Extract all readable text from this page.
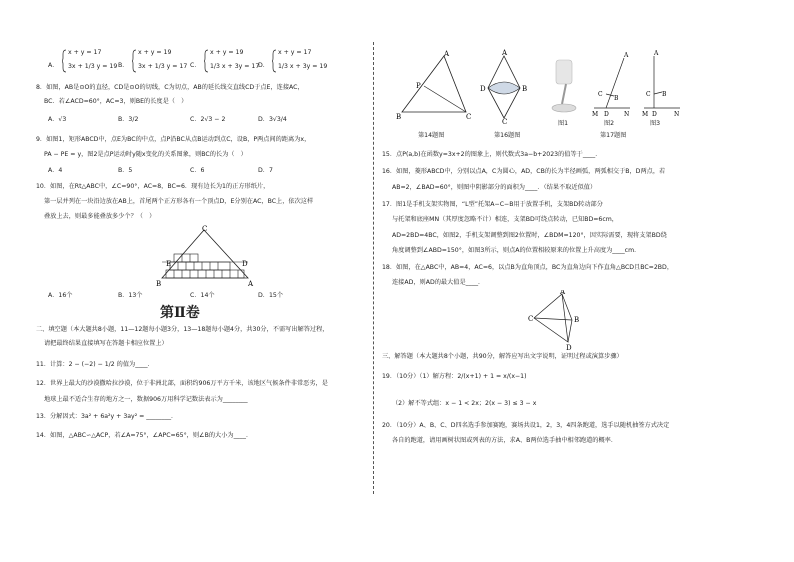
A．
x + y = 17
3x + 1/3 y = 19 B．
x + y = 19
3x + 1/3 y = 17 C．
x + y = 19
1/3 x + 3y = 17
D．
x + y = 17
1/3 x + 3y = 19
8．如图，AB是⊙O的直径，CD是⊙O的切线，C为切点，AB的延长线交直线CD于点E，连接AC，
BC．若∠ACD=60°，AC=3，则BE的长度是（　）
A．√3	B．3/2	C．2√3 − 2	D．3√3/4
9．如图1，矩形ABCD中，点E为BC的中点，点P沿BC从点B运动到点C，设B，P两点间的距离为x，
PA − PE = y，图2是点P运动时y随x变化的关系图象，则BC的长为（　）
A．4	B．5	C．6	D．7
10．如图，在Rt△ABC中，∠C=90°，AC=8，BC=6．现有边长为1的正方形纸片，
第一层并列在一块沿边放在AB上，首尾两个正方形各有一个顶点D，E分别在AC，BC上，依次这样
叠放上去，则最多能叠放多少个？（　）
C
E	D
B	A
A．16个	B．13个	C．14个	D．15个
第Ⅱ卷
二、填空题（本大题共8小题，11—12题每小题3分，13—18题每小题4分，共30分，不需写出解答过程，
请把最终结果直接填写在答题卡相应位置上）
11．计算：2 − (−2) − 1/2 的值为____．
12．世界上最大的沙漠撒哈拉沙漠，位于非洲北部，面积约906万平方千米，该地区气候条件非常恶劣，是
地球上最不适合生存的地方之一，数据906万用科学记数法表示为________
13．分解因式：3a² + 6a²y + 3ay² = ________．
14．如图，△ABC∽△ACP，若∠A=75°，∠APC=65°，则∠B的大小为____．
A
P
B	C
第14题图
A
D	B
C
第16题图
图1
A
C
B
M D	N
图2
A
C B
M D	N
图3
第17题图
15．点P(a,b)在函数y=3x+2的图象上，则代数式3a−b+2023的值等于____．
16．如图，菱形ABCD中，分别以点A，C为圆心，AD，CB的长为半径画弧，两弧相交于B，D两点，若
AB=2，∠BAD=60°，则图中阴影部分的面积为____．（结果不取近似值）
17．图1是手机支架实物图，“L型”托架A−C−B用于放置手机，支架BD转动部分
与托架和底座MN（其厚度忽略不计）相连，支架BD可绕点转动，已知BD=6cm，
AD=2BD=4BC，如图2，手机支架调整到图2位置时，∠BDM=120°，因实际需要，现将支架BD绕
角度调整到∠ABD=150°，如图3所示，则点A的位置相较原来的位置上升高度为____cm．
18．如图，在△ABC中，AB=4，AC=6，以点B为直角顶点，BC为直角边向下作直角△BCD且BC=2BD，
连接AD，则AD的最大值是____．
A
C	B
D
三、解答题（本大题共8个小题，共90分，解答应写出文字说明，证明过程或演算步骤）
19．（10分）（1）解方程：2/(x+1) + 1 = x/(x−1)
（2）解不等式组：x − 1 < 2x；2(x − 3) ≤ 3 − x
20．（10分）A、B、C、D四名选手参加赛跑，赛场共设1，2，3，4四条跑道，选手以随机抽签方式决定
各自的跑道，请用画树状图或列表的方法，求A、B两位选手抽中相邻跑道的概率．
